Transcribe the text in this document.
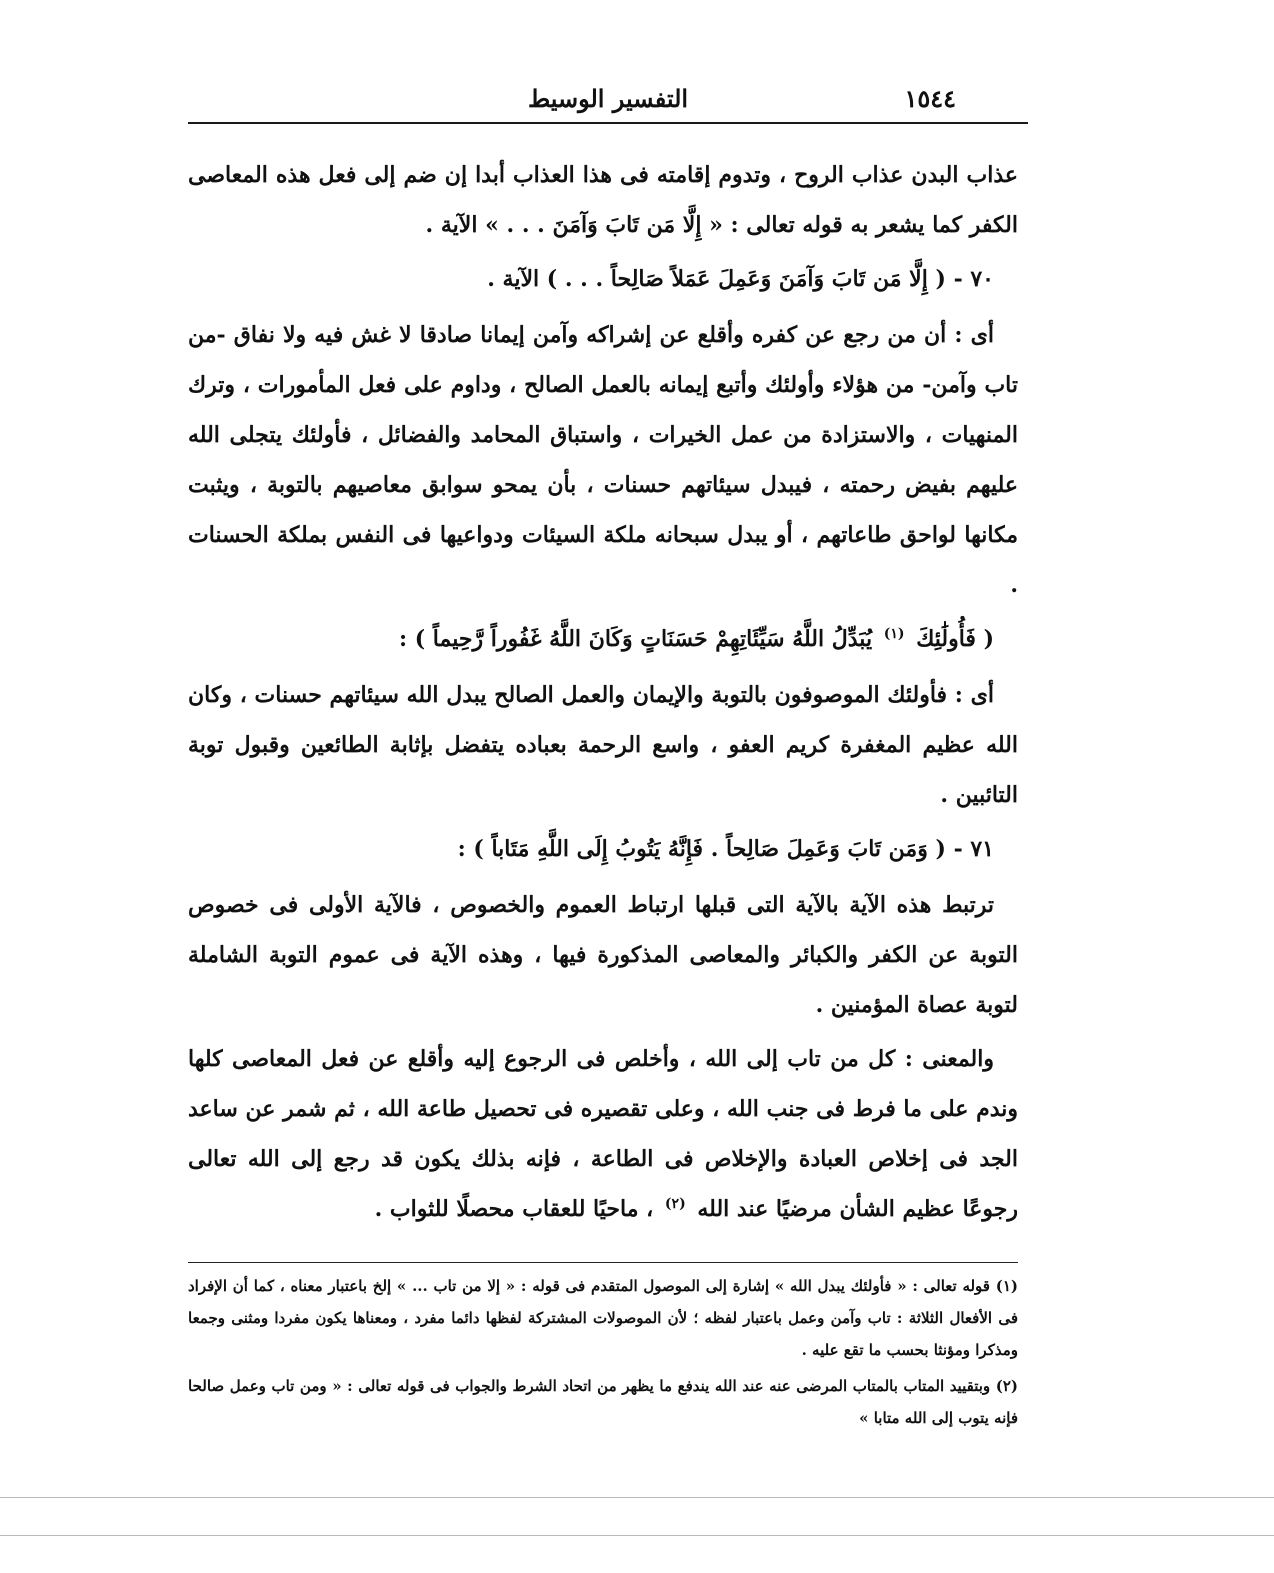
١٥٤٤
التفسير الوسيط

عذاب البدن عذاب الروح ، وتدوم إقامته فى هذا العذاب أبدا إن ضم إلى فعل هذه المعاصى الكفر كما يشعر به قوله تعالى : « إِلَّا مَن تَابَ وَآمَنَ . . . » الآية .

٧٠ - ( إِلَّا مَن تَابَ وَآمَنَ وَعَمِلَ عَمَلاً صَالِحاً . . . ) الآية .

أى : أن من رجع عن كفره وأقلع عن إشراكه وآمن إيمانا صادقا لا غش فيه ولا نفاق -من تاب وآمن- من هؤلاء وأولئك وأتبع إيمانه بالعمل الصالح ، وداوم على فعل المأمورات ، وترك المنهيات ، والاستزادة من عمل الخيرات ، واستباق المحامد والفضائل ، فأولئك يتجلى الله عليهم بفيض رحمته ، فيبدل سيئاتهم حسنات ، بأن يمحو سوابق معاصيهم بالتوبة ، ويثبت مكانها لواحق طاعاتهم ، أو يبدل سبحانه ملكة السيئات ودواعيها فى النفس بملكة الحسنات .

( فَأُولَٰئِكَ $^{(١)}$ يُبَدِّلُ اللَّهُ سَيِّئَاتِهِمْ حَسَنَاتٍ وَكَانَ اللَّهُ غَفُوراً رَّحِيماً ) :

أى : فأولئك الموصوفون بالتوبة والإيمان والعمل الصالح يبدل الله سيئاتهم حسنات ، وكان الله عظيم المغفرة كريم العفو ، واسع الرحمة بعباده يتفضل بإثابة الطائعين وقبول توبة التائبين .

٧١ - ( وَمَن تَابَ وَعَمِلَ صَالِحاً . فَإِنَّهُ يَتُوبُ إِلَى اللَّهِ مَتَاباً ) :

ترتبط هذه الآية بالآية التى قبلها ارتباط العموم والخصوص ، فالآية الأولى فى خصوص التوبة عن الكفر والكبائر والمعاصى المذكورة فيها ، وهذه الآية فى عموم التوبة الشاملة لتوبة عصاة المؤمنين .

والمعنى : كل من تاب إلى الله ، وأخلص فى الرجوع إليه وأقلع عن فعل المعاصى كلها وندم على ما فرط فى جنب الله ، وعلى تقصيره فى تحصيل طاعة الله ، ثم شمر عن ساعد الجد فى إخلاص العبادة والإخلاص فى الطاعة ، فإنه بذلك يكون قد رجع إلى الله تعالى رجوعًا عظيم الشأن مرضيًا عند الله $^{(٢)}$ ، ماحيًا للعقاب محصلًا للثواب .

(١) قوله تعالى : « فأولئك يبدل الله » إشارة إلى الموصول المتقدم فى قوله : « إلا من تاب ... » إلخ باعتبار معناه ، كما أن الإفراد فى الأفعال الثلاثة : تاب وآمن وعمل باعتبار لفظه ؛ لأن الموصولات المشتركة لفظها دائما مفرد ، ومعناها يكون مفردا ومثنى وجمعا ومذكرا ومؤنثا بحسب ما تقع عليه .

(٢) وبتقييد المتاب بالمتاب المرضى عنه عند الله يندفع ما يظهر من اتحاد الشرط والجواب فى قوله تعالى : « ومن تاب وعمل صالحا فإنه يتوب إلى الله متابا »
